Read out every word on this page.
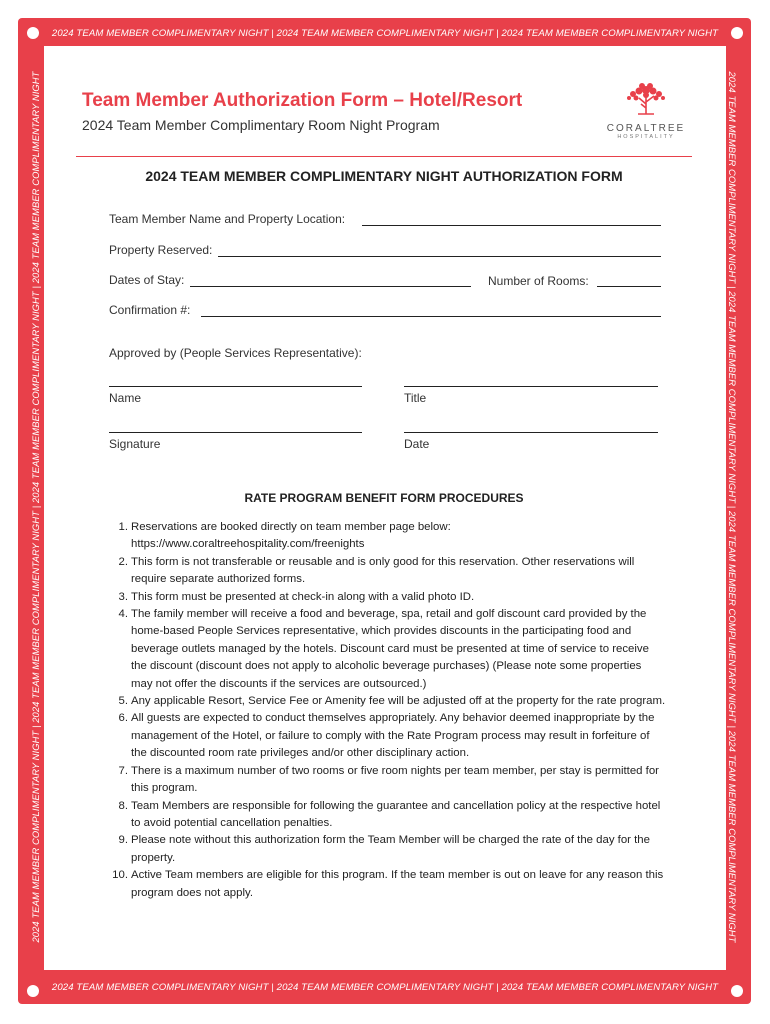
2024 TEAM MEMBER COMPLIMENTARY NIGHT | 2024 TEAM MEMBER COMPLIMENTARY NIGHT | 2024 TEAM MEMBER COMPLIMENTARY NIGHT
2024 TEAM MEMBER COMPLIMENTARY NIGHT | 2024 TEAM MEMBER COMPLIMENTARY NIGHT | 2024 TEAM MEMBER COMPLIMENTARY NIGHT
2024 TEAM MEMBER COMPLIMENTARY NIGHT | 2024 TEAM MEMBER COMPLIMENTARY NIGHT | 2024 TEAM MEMBER COMPLIMENTARY NIGHT | 2024 TEAM MEMBER COMPLIMENTARY NIGHT	2024 TEAM MEMBER COMPLIMENTARY NIGHT | 2024 TEAM MEMBER COMPLIMENTARY NIGHT | 2024 TEAM MEMBER COMPLIMENTARY NIGHT | 2024 TEAM MEMBER COMPLIMENTARY NIGHT
Team Member Authorization Form – Hotel/Resort
2024 Team Member Complimentary Room Night Program	CORALTREE
HOSPITALITY
2024 TEAM MEMBER COMPLIMENTARY NIGHT AUTHORIZATION FORM
Team Member Name and Property Location:
Property Reserved:
Dates of Stay:	Number of Rooms:
Confirmation #:
Approved by (People Services Representative):
Name	Title
Signature	Date
RATE PROGRAM BENEFIT FORM PROCEDURES
1. Reservations are booked directly on team member page below: https://www.coraltreehospitality.com/freenights
2. This form is not transferable or reusable and is only good for this reservation. Other reservations will require separate authorized forms.
3. This form must be presented at check-in along with a valid photo ID.
4. The family member will receive a food and beverage, spa, retail and golf discount card provided by the home-based People Services representative, which provides discounts in the participating food and beverage outlets managed by the hotels. Discount card must be presented at time of service to receive the discount (discount does not apply to alcoholic beverage purchases) (Please note some properties may not offer the discounts if the services are outsourced.)
5. Any applicable Resort, Service Fee or Amenity fee will be adjusted off at the property for the rate program.
6. All guests are expected to conduct themselves appropriately. Any behavior deemed inappropriate by the management of the Hotel, or failure to comply with the Rate Program process may result in forfeiture of the discounted room rate privileges and/or other disciplinary action.
7. There is a maximum number of two rooms or five room nights per team member, per stay is permitted for this program.
8. Team Members are responsible for following the guarantee and cancellation policy at the respective hotel to avoid potential cancellation penalties.
9. Please note without this authorization form the Team Member will be charged the rate of the day for the property.
10. Active Team members are eligible for this program. If the team member is out on leave for any reason this program does not apply.
